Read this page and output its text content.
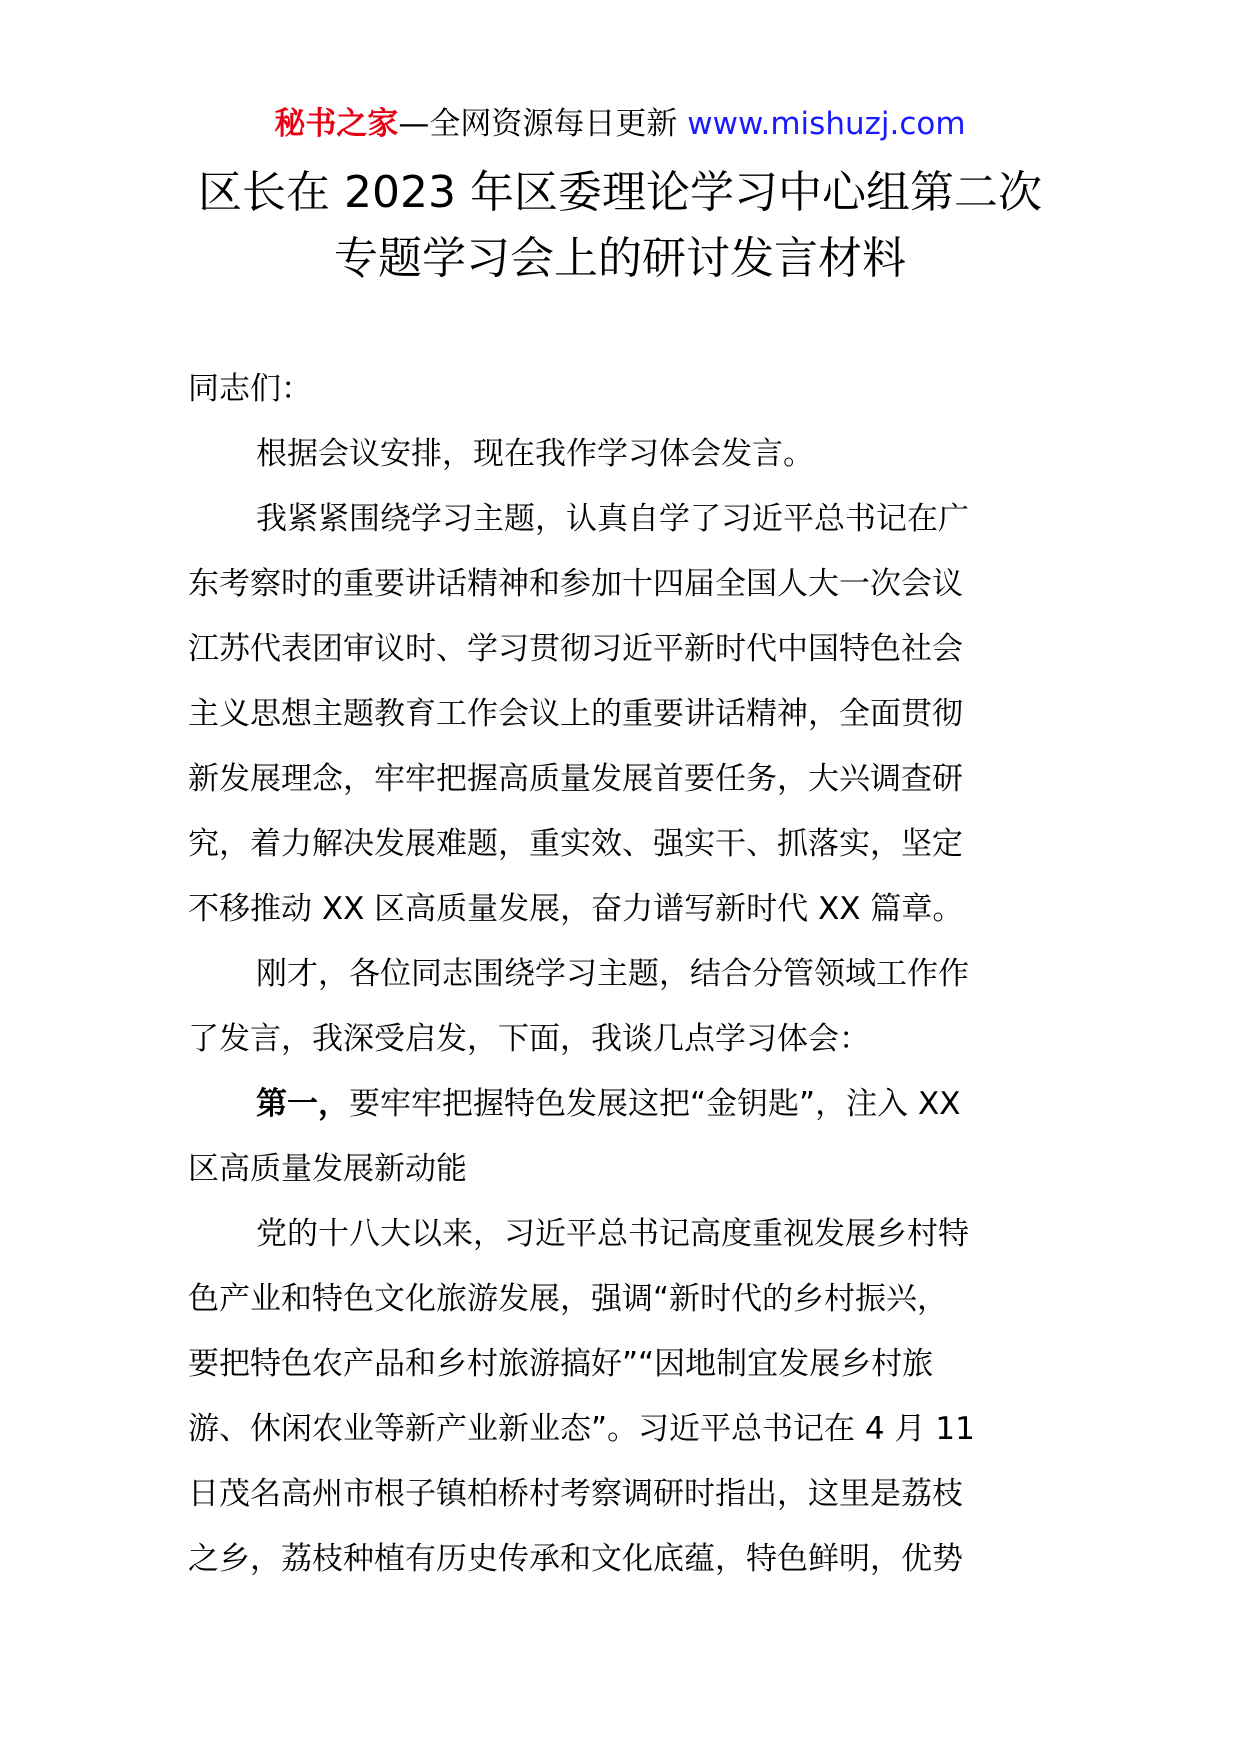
秘书之家—全网资源每日更新 www.mishuzj.com
区长在 2023 年区委理论学习中心组第二次
专题学习会上的研讨发言材料
同志们：
根据会议安排，现在我作学习体会发言。
我紧紧围绕学习主题，认真自学了习近平总书记在广
东考察时的重要讲话精神和参加十四届全国人大一次会议
江苏代表团审议时、学习贯彻习近平新时代中国特色社会
主义思想主题教育工作会议上的重要讲话精神，全面贯彻
新发展理念，牢牢把握高质量发展首要任务，大兴调查研
究，着力解决发展难题，重实效、强实干、抓落实，坚定
不移推动 XX 区高质量发展，奋力谱写新时代 XX 篇章。
刚才，各位同志围绕学习主题，结合分管领域工作作
了发言，我深受启发，下面，我谈几点学习体会：
第一，要牢牢把握特色发展这把“金钥匙”，注入 XX
区高质量发展新动能
党的十八大以来，习近平总书记高度重视发展乡村特
色产业和特色文化旅游发展，强调“新时代的乡村振兴，
要把特色农产品和乡村旅游搞好”“因地制宜发展乡村旅
游、休闲农业等新产业新业态”。习近平总书记在 4 月 11
日茂名高州市根子镇柏桥村考察调研时指出，这里是荔枝
之乡，荔枝种植有历史传承和文化底蕴，特色鲜明，优势
